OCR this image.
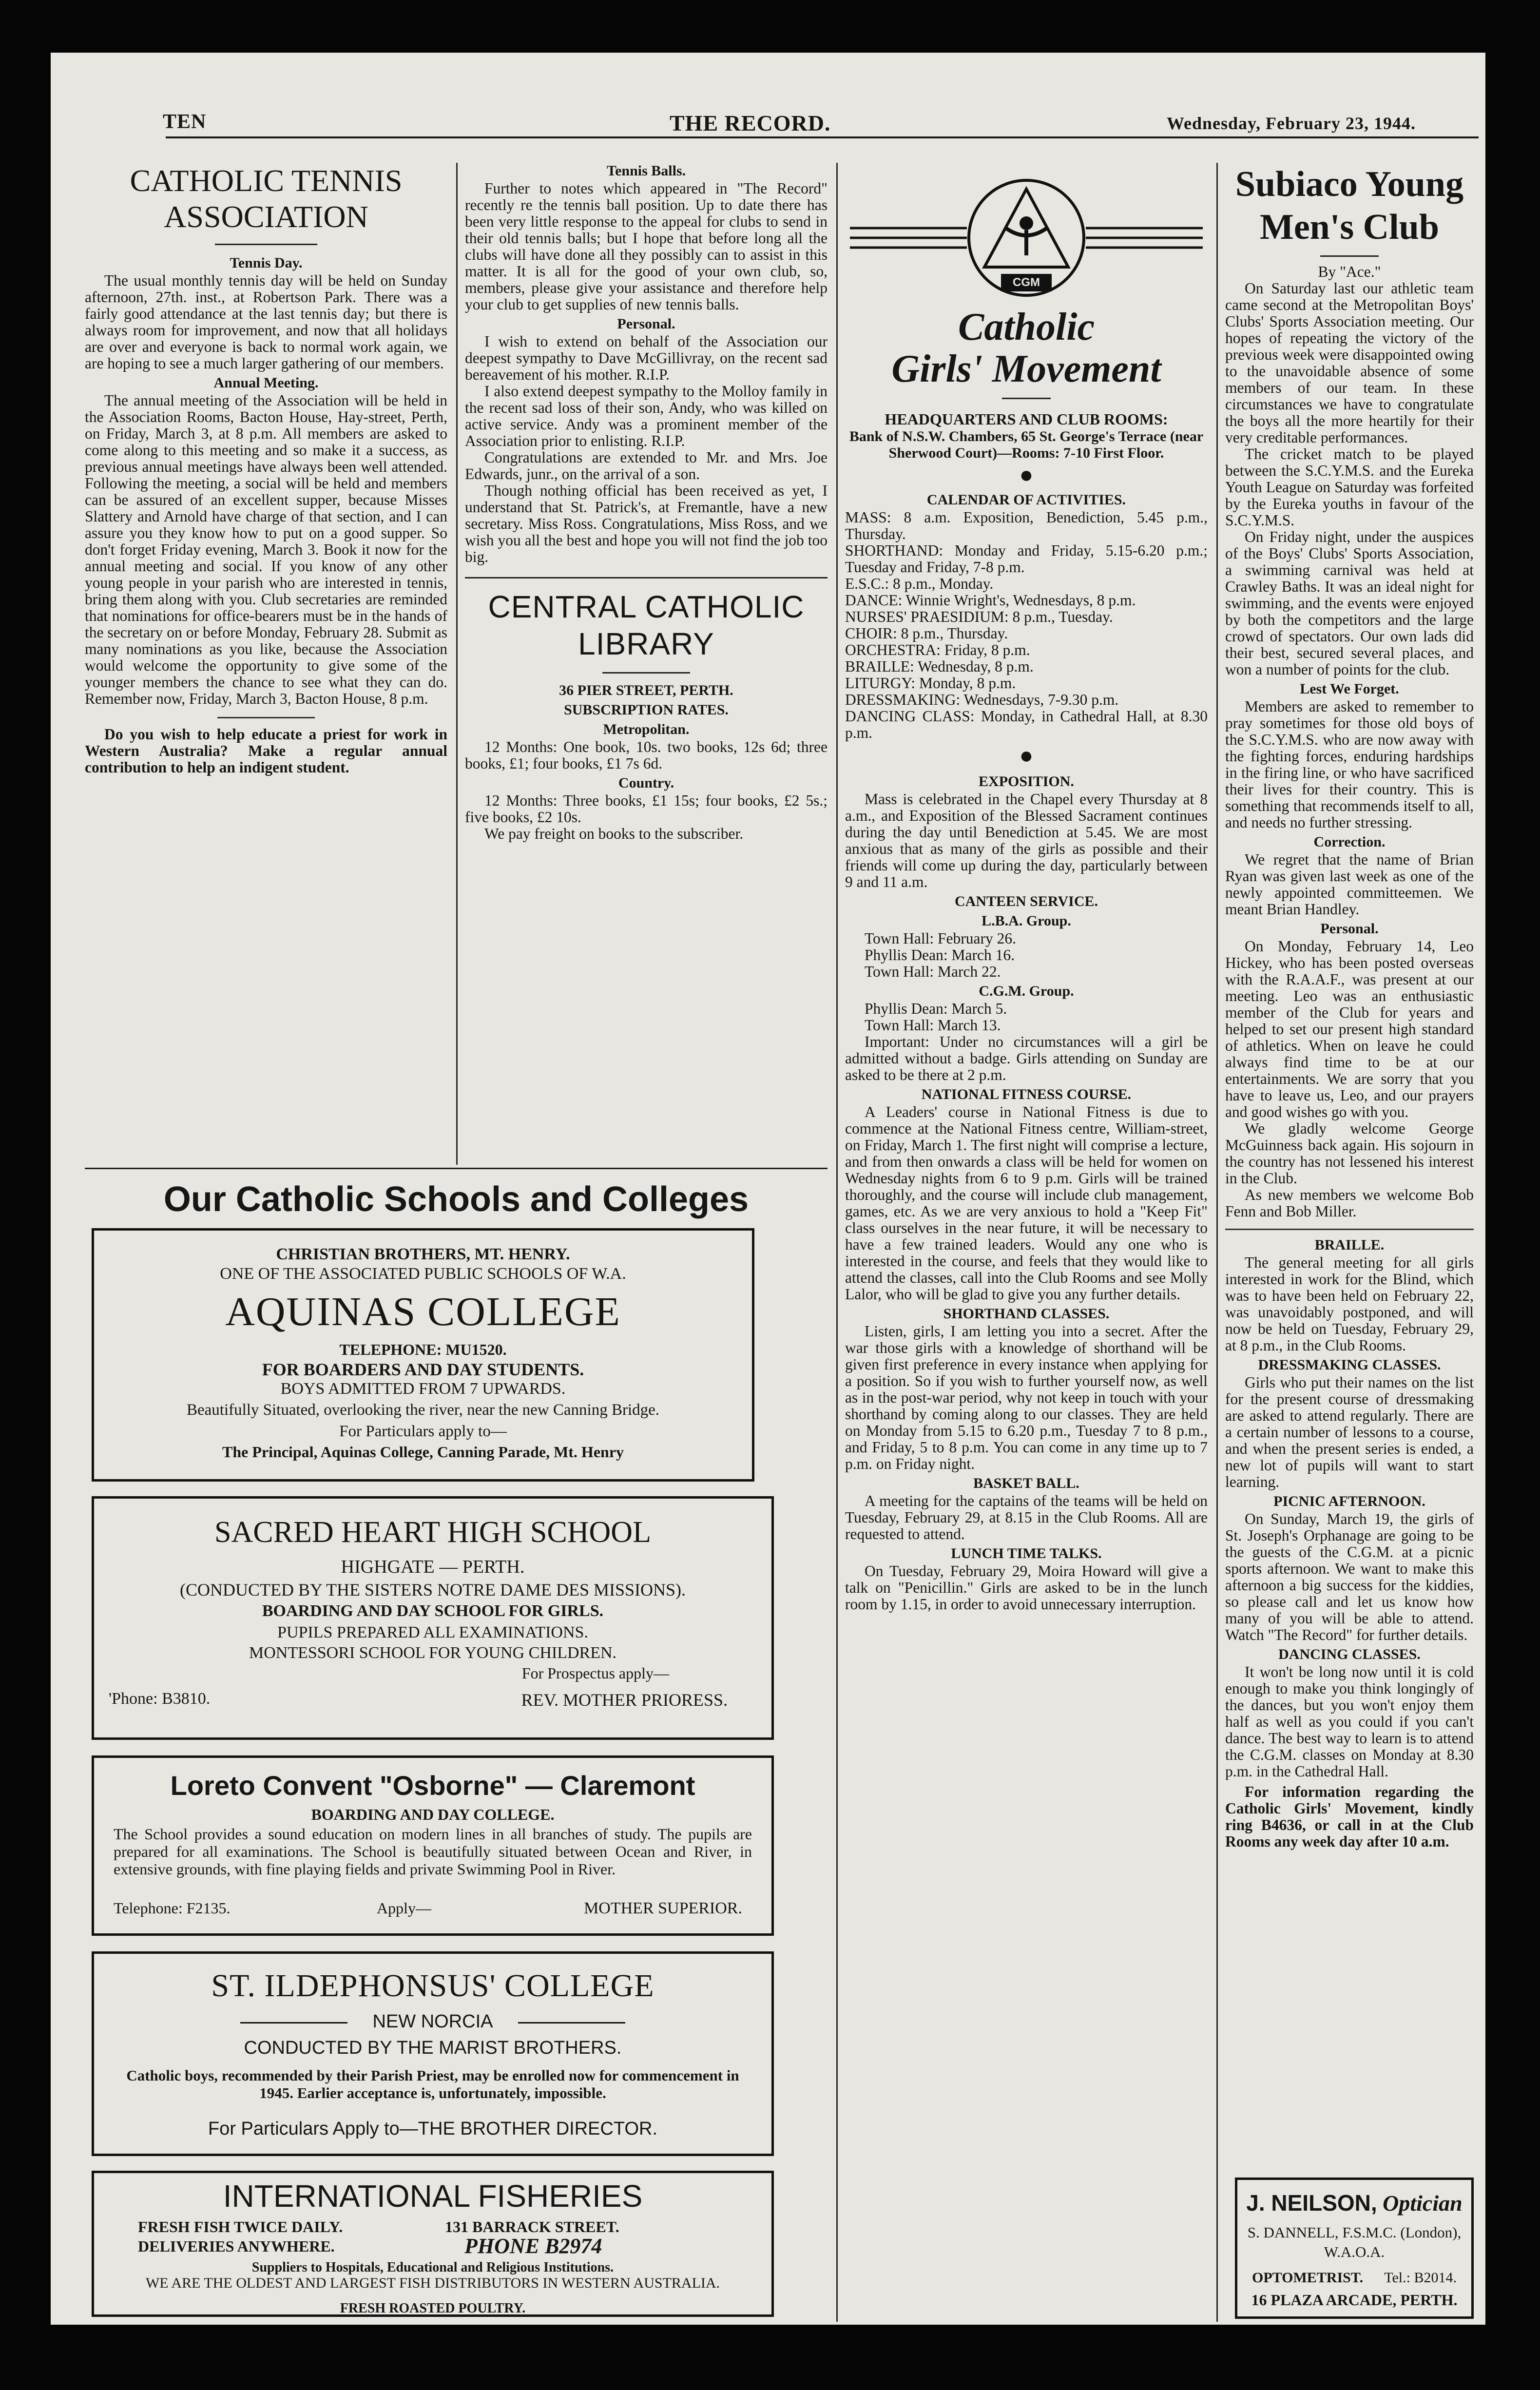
TEN	THE RECORD.	Wednesday, February 23, 1944.
CATHOLIC TENNIS ASSOCIATION

Tennis Day.

The usual monthly tennis day will be held on Sunday afternoon, 27th. inst., at Robertson Park. There was a fairly good attendance at the last tennis day; but there is always room for improvement, and now that all holidays are over and everyone is back to normal work again, we are hoping to see a much larger gathering of our members.

Annual Meeting.

The annual meeting of the Association will be held in the Association Rooms, Bacton House, Hay-street, Perth, on Friday, March 3, at 8 p.m. All members are asked to come along to this meeting and so make it a success, as previous annual meetings have always been well attended. Following the meeting, a social will be held and members can be assured of an excellent supper, because Misses Slattery and Arnold have charge of that section, and I can assure you they know how to put on a good supper. So don't forget Friday evening, March 3. Book it now for the annual meeting and social. If you know of any other young people in your parish who are interested in tennis, bring them along with you. Club secretaries are reminded that nominations for office-bearers must be in the hands of the secretary on or before Monday, February 28. Submit as many nominations as you like, because the Association would welcome the opportunity to give some of the younger members the chance to see what they can do. Remember now, Friday, March 3, Bacton House, 8 p.m.

Do you wish to help educate a priest for work in Western Australia? Make a regular annual contribution to help an indigent student.

Tennis Balls.

Further to notes which appeared in "The Record" recently re the tennis ball position. Up to date there has been very little response to the appeal for clubs to send in their old tennis balls; but I hope that before long all the clubs will have done all they possibly can to assist in this matter. It is all for the good of your own club, so, members, please give your assistance and therefore help your club to get supplies of new tennis balls.

Personal.

I wish to extend on behalf of the Association our deepest sympathy to Dave McGillivray, on the recent sad bereavement of his mother. R.I.P.

I also extend deepest sympathy to the Molloy family in the recent sad loss of their son, Andy, who was killed on active service. Andy was a prominent member of the Association prior to enlisting. R.I.P.

Congratulations are extended to Mr. and Mrs. Joe Edwards, junr., on the arrival of a son.

Though nothing official has been received as yet, I understand that St. Patrick's, at Fremantle, have a new secretary. Miss Ross. Congratulations, Miss Ross, and we wish you all the best and hope you will not find the job too big.

CENTRAL CATHOLIC LIBRARY

36 PIER STREET, PERTH.

SUBSCRIPTION RATES.

Metropolitan.

12 Months: One book, 10s. two books, 12s 6d; three books, £1; four books, £1 7s 6d.

Country.

12 Months: Three books, £1 15s; four books, £2 5s.; five books, £2 10s.

We pay freight on books to the subscriber.

Our Catholic Schools and Colleges
CHRISTIAN BROTHERS, MT. HENRY.
ONE OF THE ASSOCIATED PUBLIC SCHOOLS OF W.A.
AQUINAS COLLEGE
TELEPHONE: MU1520.
FOR BOARDERS AND DAY STUDENTS.
BOYS ADMITTED FROM 7 UPWARDS.
Beautifully Situated, overlooking the river, near the new Canning Bridge.
For Particulars apply to—
The Principal, Aquinas College, Canning Parade, Mt. Henry
SACRED HEART HIGH SCHOOL
HIGHGATE — PERTH.
(CONDUCTED BY THE SISTERS NOTRE DAME DES MISSIONS).
BOARDING AND DAY SCHOOL FOR GIRLS.
PUPILS PREPARED ALL EXAMINATIONS.
MONTESSORI SCHOOL FOR YOUNG CHILDREN.
For Prospectus apply—
'Phone: B3810.	REV. MOTHER PRIORESS.
Loreto Convent "Osborne" — Claremont
BOARDING AND DAY COLLEGE.
The School provides a sound education on modern lines in all branches of study. The pupils are prepared for all examinations. The School is beautifully situated between Ocean and River, in extensive grounds, with fine playing fields and private Swimming Pool in River.
Telephone: F2135.	Apply—	MOTHER SUPERIOR.
ST. ILDEPHONSUS' COLLEGE
NEW NORCIA
CONDUCTED BY THE MARIST BROTHERS.
Catholic boys, recommended by their Parish Priest, may be enrolled now for commencement in 1945. Earlier acceptance is, unfortunately, impossible.
For Particulars Apply to—THE BROTHER DIRECTOR.
INTERNATIONAL FISHERIES
FRESH FISH TWICE DAILY.	131 BARRACK STREET.
DELIVERIES ANYWHERE.	PHONE B2974
Suppliers to Hospitals, Educational and Religious Institutions.
WE ARE THE OLDEST AND LARGEST FISH DISTRIBUTORS IN WESTERN AUSTRALIA.
FRESH ROASTED POULTRY.
CGM
Catholic
Girls' Movement

HEADQUARTERS AND CLUB ROOMS:

Bank of N.S.W. Chambers, 65 St. George's Terrace (near Sherwood Court)—Rooms: 7-10 First Floor.

●

CALENDAR OF ACTIVITIES.

MASS: 8 a.m. Exposition, Benediction, 5.45 p.m., Thursday.

SHORTHAND: Monday and Friday, 5.15-6.20 p.m.; Tuesday and Friday, 7-8 p.m.

E.S.C.: 8 p.m., Monday.

DANCE: Winnie Wright's, Wednesdays, 8 p.m.

NURSES' PRAESIDIUM: 8 p.m., Tuesday.

CHOIR: 8 p.m., Thursday.

ORCHESTRA: Friday, 8 p.m.

BRAILLE: Wednesday, 8 p.m.

LITURGY: Monday, 8 p.m.

DRESSMAKING: Wednesdays, 7-9.30 p.m.

DANCING CLASS: Monday, in Cathedral Hall, at 8.30 p.m.

●

EXPOSITION.

Mass is celebrated in the Chapel every Thursday at 8 a.m., and Exposition of the Blessed Sacrament continues during the day until Benediction at 5.45. We are most anxious that as many of the girls as possible and their friends will come up during the day, particularly between 9 and 11 a.m.

CANTEEN SERVICE.

L.B.A. Group.

Town Hall: February 26.

Phyllis Dean: March 16.

Town Hall: March 22.

C.G.M. Group.

Phyllis Dean: March 5.

Town Hall: March 13.

Important: Under no circumstances will a girl be admitted without a badge. Girls attending on Sunday are asked to be there at 2 p.m.

NATIONAL FITNESS COURSE.

A Leaders' course in National Fitness is due to commence at the National Fitness centre, William-street, on Friday, March 1. The first night will comprise a lecture, and from then onwards a class will be held for women on Wednesday nights from 6 to 9 p.m. Girls will be trained thoroughly, and the course will include club management, games, etc. As we are very anxious to hold a "Keep Fit" class ourselves in the near future, it will be necessary to have a few trained leaders. Would any one who is interested in the course, and feels that they would like to attend the classes, call into the Club Rooms and see Molly Lalor, who will be glad to give you any further details.

SHORTHAND CLASSES.

Listen, girls, I am letting you into a secret. After the war those girls with a knowledge of shorthand will be given first preference in every instance when applying for a position. So if you wish to further yourself now, as well as in the post-war period, why not keep in touch with your shorthand by coming along to our classes. They are held on Monday from 5.15 to 6.20 p.m., Tuesday 7 to 8 p.m., and Friday, 5 to 8 p.m. You can come in any time up to 7 p.m. on Friday night.

BASKET BALL.

A meeting for the captains of the teams will be held on Tuesday, February 29, at 8.15 in the Club Rooms. All are requested to attend.

LUNCH TIME TALKS.

On Tuesday, February 29, Moira Howard will give a talk on "Penicillin." Girls are asked to be in the lunch room by 1.15, in order to avoid unnecessary interruption.

Subiaco Young Men's Club

By "Ace."

On Saturday last our athletic team came second at the Metropolitan Boys' Clubs' Sports Association meeting. Our hopes of repeating the victory of the previous week were disappointed owing to the unavoidable absence of some members of our team. In these circumstances we have to congratulate the boys all the more heartily for their very creditable performances.

The cricket match to be played between the S.C.Y.M.S. and the Eureka Youth League on Saturday was forfeited by the Eureka youths in favour of the S.C.Y.M.S.

On Friday night, under the auspices of the Boys' Clubs' Sports Association, a swimming carnival was held at Crawley Baths. It was an ideal night for swimming, and the events were enjoyed by both the competitors and the large crowd of spectators. Our own lads did their best, secured several places, and won a number of points for the club.

Lest We Forget.

Members are asked to remember to pray sometimes for those old boys of the S.C.Y.M.S. who are now away with the fighting forces, enduring hardships in the firing line, or who have sacrificed their lives for their country. This is something that recommends itself to all, and needs no further stressing.

Correction.

We regret that the name of Brian Ryan was given last week as one of the newly appointed committeemen. We meant Brian Handley.

Personal.

On Monday, February 14, Leo Hickey, who has been posted overseas with the R.A.A.F., was present at our meeting. Leo was an enthusiastic member of the Club for years and helped to set our present high standard of athletics. When on leave he could always find time to be at our entertainments. We are sorry that you have to leave us, Leo, and our prayers and good wishes go with you.

We gladly welcome George McGuinness back again. His sojourn in the country has not lessened his interest in the Club.

As new members we welcome Bob Fenn and Bob Miller.

BRAILLE.

The general meeting for all girls interested in work for the Blind, which was to have been held on February 22, was unavoidably postponed, and will now be held on Tuesday, February 29, at 8 p.m., in the Club Rooms.

DRESSMAKING CLASSES.

Girls who put their names on the list for the present course of dressmaking are asked to attend regularly. There are a certain number of lessons to a course, and when the present series is ended, a new lot of pupils will want to start learning.

PICNIC AFTERNOON.

On Sunday, March 19, the girls of St. Joseph's Orphanage are going to be the guests of the C.G.M. at a picnic sports afternoon. We want to make this afternoon a big success for the kiddies, so please call and let us know how many of you will be able to attend. Watch "The Record" for further details.

DANCING CLASSES.

It won't be long now until it is cold enough to make you think longingly of the dances, but you won't enjoy them half as well as you could if you can't dance. The best way to learn is to attend the C.G.M. classes on Monday at 8.30 p.m. in the Cathedral Hall.

For information regarding the Catholic Girls' Movement, kindly ring B4636, or call in at the Club Rooms any week day after 10 a.m.

J. NEILSON, Optician
S. DANNELL, F.S.M.C. (London), W.A.O.A.
OPTOMETRIST. Tel.: B2014.
16 PLAZA ARCADE, PERTH.
